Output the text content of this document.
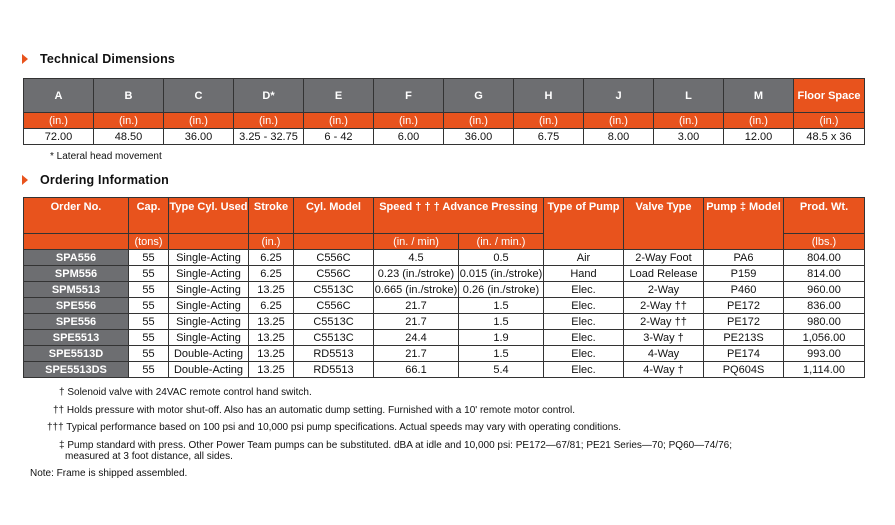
Technical Dimensions
A	B	C	D*	E	F	G	H	J	L	M	Floor Space
(in.)	(in.)	(in.)	(in.)	(in.)	(in.)	(in.)	(in.)	(in.)	(in.)	(in.)	(in.)
72.00	48.50	36.00	3.25 - 32.75	6 - 42	6.00	36.00	6.75	8.00	3.00	12.00	48.5 x 36
* Lateral head movement
Ordering Information
Order No.	Cap.	Type Cyl. Used	Stroke	Cyl. Model	Speed † † † Advance Pressing		Type of Pump	Valve Type	Pump ‡ Model	Prod. Wt.

	(tons)		(in.)		(in. / min)	(in. / min.)				(lbs.)
SPA556	55	Single-Acting	6.25	C556C	4.5	0.5	Air	2-Way Foot	PA6	804.00
SPM556	55	Single-Acting	6.25	C556C	0.23 (in./stroke)	0.015 (in./stroke)	Hand	Load Release	P159	814.00
SPM5513	55	Single-Acting	13.25	C5513C	0.665 (in./stroke)	0.26 (in./stroke)	Elec.	2-Way	P460	960.00
SPE556	55	Single-Acting	6.25	C556C	21.7	1.5	Elec.	2-Way ††	PE172	836.00
SPE556	55	Single-Acting	13.25	C5513C	21.7	1.5	Elec.	2-Way ††	PE172	980.00
SPE5513	55	Single-Acting	13.25	C5513C	24.4	1.9	Elec.	3-Way †	PE213S	1,056.00
SPE5513D	55	Double-Acting	13.25	RD5513	21.7	1.5	Elec.	4-Way	PE174	993.00
SPE5513DS	55	Double-Acting	13.25	RD5513	66.1	5.4	Elec.	4-Way †	PQ604S	1,114.00
† Solenoid valve with 24VAC remote control hand switch.
†† Holds pressure with motor shut-off. Also has an automatic dump setting. Furnished with a 10' remote motor control.
††† Typical performance based on 100 psi and 10,000 psi pump specifications. Actual speeds may vary with operating conditions.
‡ Pump standard with press. Other Power Team pumps can be substituted. dBA at idle and 10,000 psi: PE172—67/81; PE21 Series—70; PQ60—74/76;
measured at 3 foot distance, all sides.
Note: Frame is shipped assembled.
